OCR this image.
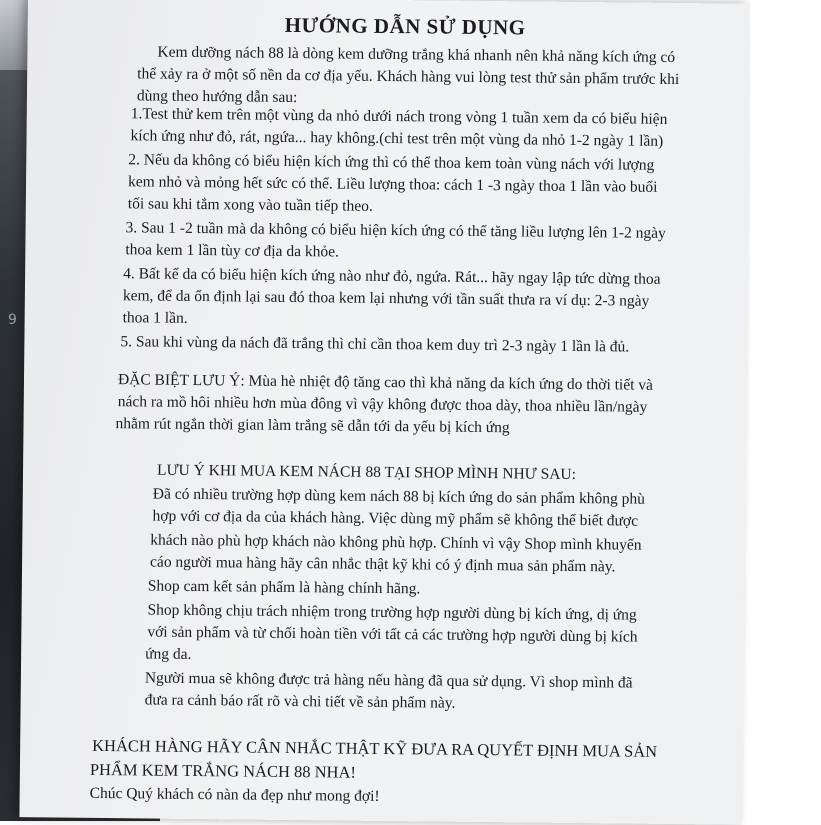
9
HƯỚNG DẪN SỬ DỤNG
Kem dưỡng nách 88 là dòng kem dưỡng trắng khá nhanh nên khả năng kích ứng có
thể xảy ra ở một số nền da cơ địa yếu. Khách hàng vui lòng test thử sản phẩm trước khi
dùng theo hướng dẫn sau:
1.Test thử kem trên một vùng da nhỏ dưới nách trong vòng 1 tuần xem da có biểu hiện
kích ứng như đỏ, rát, ngứa... hay không.(chỉ test trên một vùng da nhỏ 1-2 ngày 1 lần)
2. Nếu da không có biểu hiện kích ứng thì có thể thoa kem toàn vùng nách với lượng
kem nhỏ và mỏng hết sức có thể. Liều lượng thoa: cách 1 -3 ngày thoa 1 lần vào buổi
tối sau khi tắm xong vào tuần tiếp theo.
3. Sau 1 -2 tuần mà da không có biểu hiện kích ứng có thể tăng liều lượng lên 1-2 ngày
thoa kem 1 lần tùy cơ địa da khỏe.
4. Bất kể da có biểu hiện kích ứng nào như đỏ, ngứa. Rát... hãy ngay lập tức dừng thoa
kem, để da ổn định lại sau đó thoa kem lại nhưng với tần suất thưa ra ví dụ: 2-3 ngày
thoa 1 lần.
5. Sau khi vùng da nách đã trắng thì chỉ cần thoa kem duy trì 2-3 ngày 1 lần là đủ.
ĐẶC BIỆT LƯU Ý: Mùa hè nhiệt độ tăng cao thì khả năng da kích ứng do thời tiết và
nách ra mồ hôi nhiều hơn mùa đông vì vậy không được thoa dày, thoa nhiều lần/ngày
nhằm rút ngắn thời gian làm trắng sẽ dẫn tới da yếu bị kích ứng
LƯU Ý KHI MUA KEM NÁCH 88 TẠI SHOP MÌNH NHƯ SAU:
Đã có nhiều trường hợp dùng kem nách 88 bị kích ứng do sản phẩm không phù
hợp với cơ địa da của khách hàng. Việc dùng mỹ phẩm sẽ không thể biết được
khách nào phù hợp khách nào không phù hợp. Chính vì vậy Shop mình khuyến
cáo người mua hàng hãy cân nhắc thật kỹ khi có ý định mua sản phẩm này.
Shop cam kết sản phẩm là hàng chính hãng.
Shop không chịu trách nhiệm trong trường hợp người dùng bị kích ứng, dị ứng
với sản phẩm và từ chối hoàn tiền với tất cả các trường hợp người dùng bị kích
ứng da.
Người mua sẽ không được trả hàng nếu hàng đã qua sử dụng. Vì shop mình đã
đưa ra cảnh báo rất rõ và chi tiết về sản phẩm này.
KHÁCH HÀNG HÃY CÂN NHẮC THẬT KỸ ĐƯA RA QUYẾT ĐỊNH MUA SẢN
PHẨM KEM TRẮNG NÁCH 88 NHA!
Chúc Quý khách có nàn da đẹp như mong đợi!
